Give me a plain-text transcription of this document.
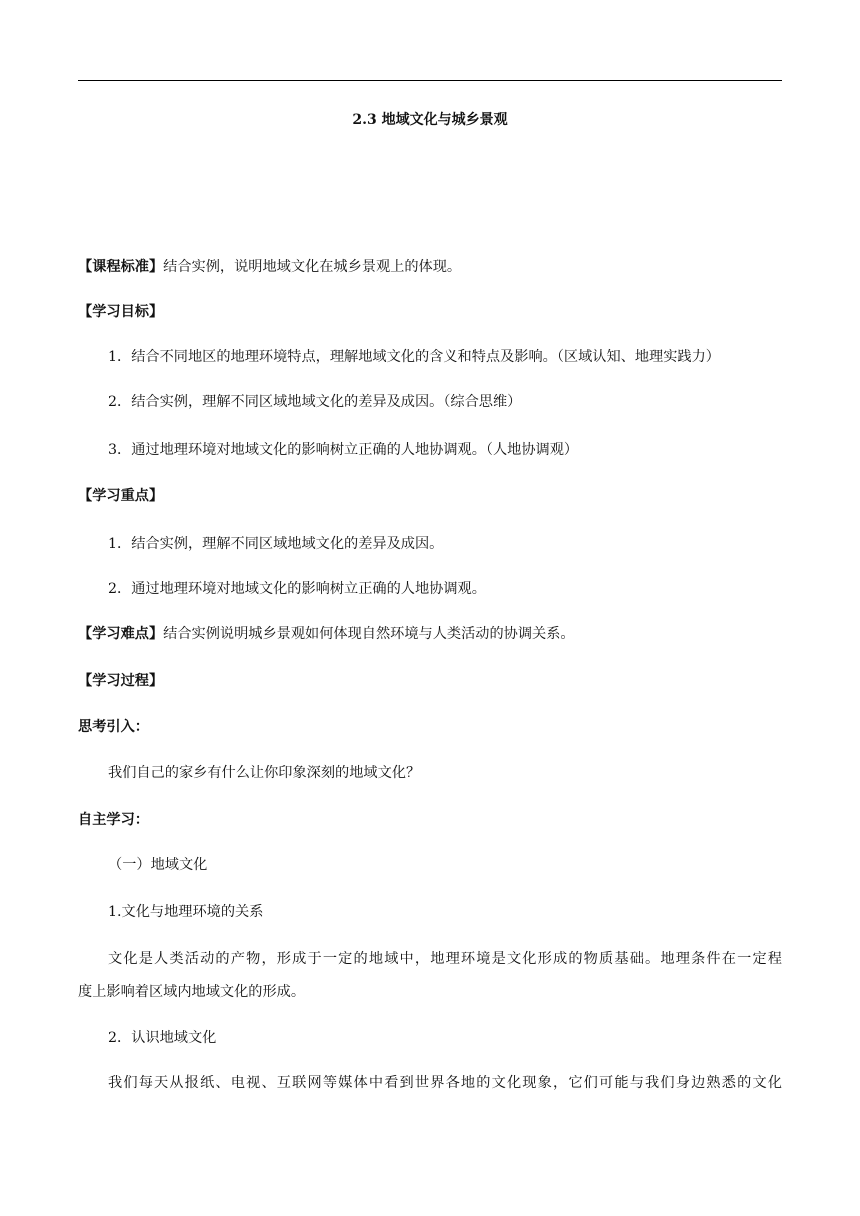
2.3 地域文化与城乡景观
【课程标准】结合实例，说明地域文化在城乡景观上的体现。
【学习目标】
1．结合不同地区的地理环境特点，理解地域文化的含义和特点及影响。（区域认知、地理实践力）
2．结合实例，理解不同区域地域文化的差异及成因。（综合思维）
3．通过地理环境对地域文化的影响树立正确的人地协调观。（人地协调观）
【学习重点】
1．结合实例，理解不同区域地域文化的差异及成因。
2．通过地理环境对地域文化的影响树立正确的人地协调观。
【学习难点】结合实例说明城乡景观如何体现自然环境与人类活动的协调关系。
【学习过程】
思考引入：
我们自己的家乡有什么让你印象深刻的地域文化？
自主学习：
（一）地域文化
1.文化与地理环境的关系
文化是人类活动的产物，形成于一定的地域中，地理环境是文化形成的物质基础。地理条件在一定程
度上影响着区域内地域文化的形成。
2．认识地域文化
我们每天从报纸、电视、互联网等媒体中看到世界各地的文化现象，它们可能与我们身边熟悉的文化
